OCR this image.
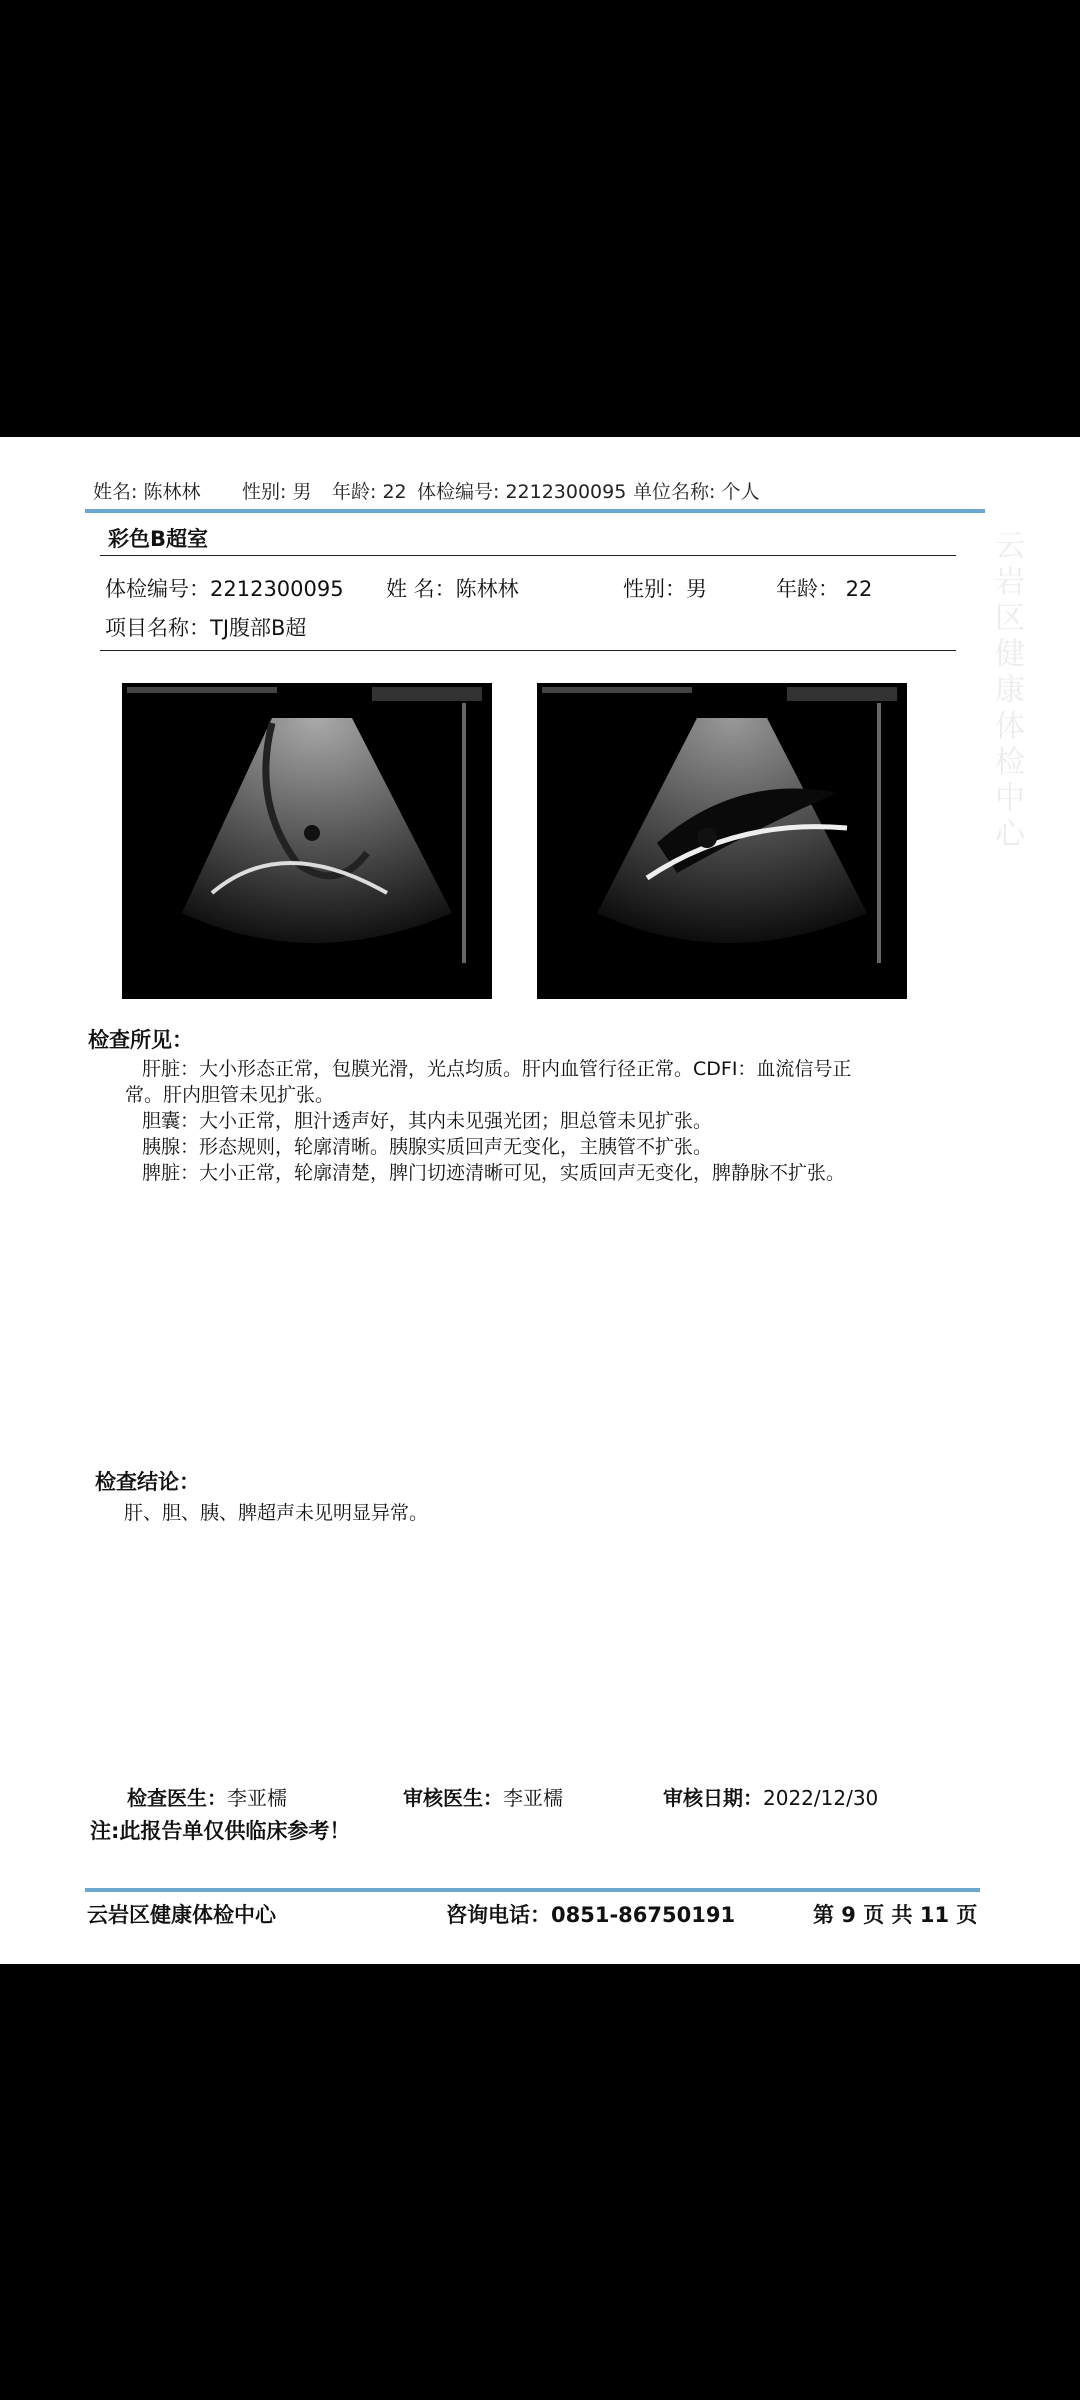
姓名: 陈林林 性别: 男 年龄: 22 体检编号: 2212300095 单位名称: 个人
彩色B超室
体检编号：2212300095 姓 名：陈林林	性别：男	年龄： 22
项目名称：TJ腹部B超
检查所见：
肝脏：大小形态正常，包膜光滑，光点均质。肝内血管行径正常。CDFI：血流信号正
常。肝内胆管未见扩张。
胆囊：大小正常，胆汁透声好，其内未见强光团；胆总管未见扩张。
胰腺：形态规则，轮廓清晰。胰腺实质回声无变化，主胰管不扩张。
脾脏：大小正常，轮廓清楚，脾门切迹清晰可见，实质回声无变化，脾静脉不扩张。
检查结论：
肝、胆、胰、脾超声未见明显异常。
检查医生：李亚檽	审核医生：李亚檽	审核日期：2022/12/30
注:此报告单仅供临床参考！
云岩区健康体检中心	咨询电话：0851-86750191	第 9 页 共 11 页
云岩区健康体检中心
